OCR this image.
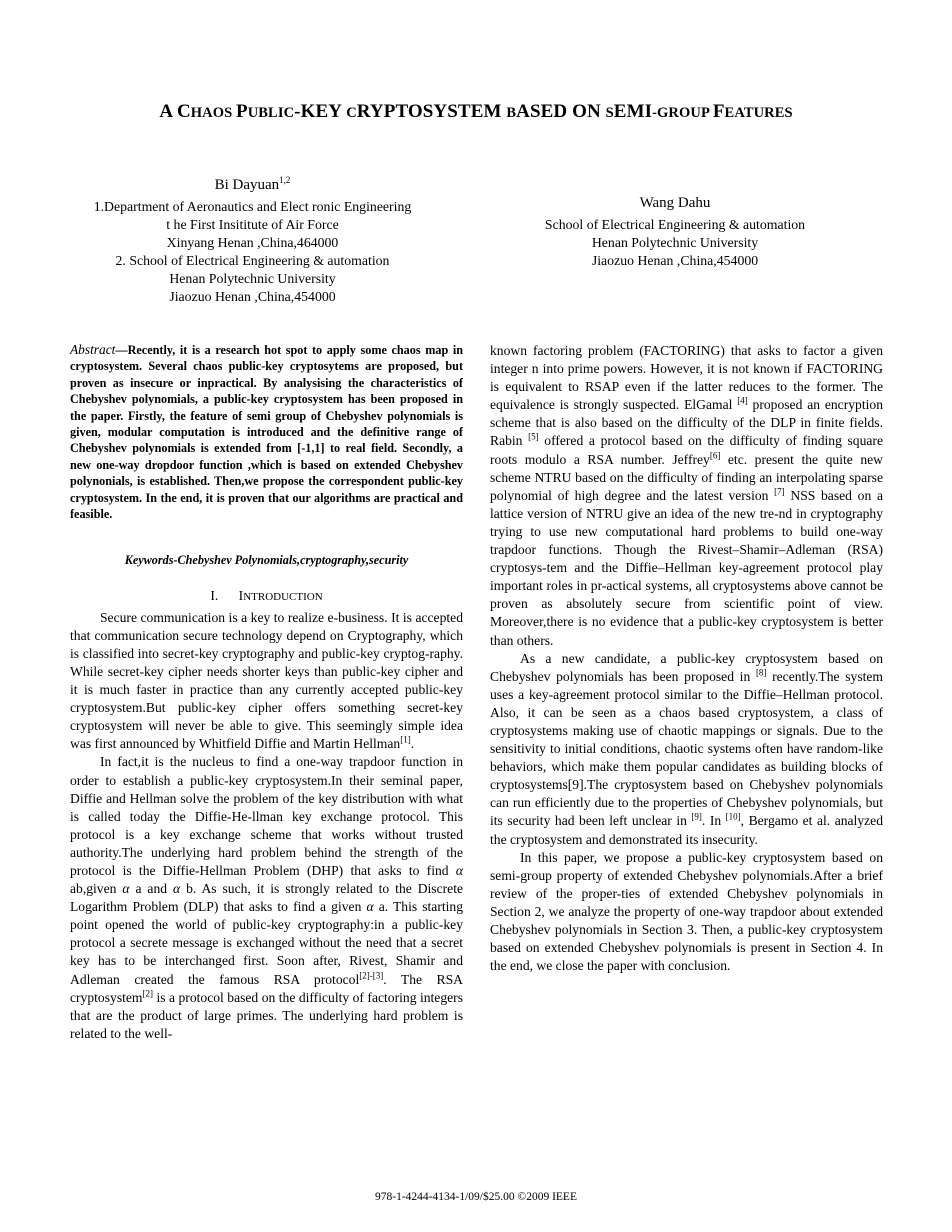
A CHAOS PUBLIC-KEY CRYPTOSYSTEM BASED ON SEMI-GROUP FEATURES
Bi Dayuan$^{1,2}$
1.Department of Aeronautics and Elect ronic Engineering
t he First Insititute of Air Force
Xinyang Henan ,China,464000
2. School of Electrical Engineering & automation
Henan Polytechnic University
Jiaozuo Henan ,China,454000
Wang Dahu
School of Electrical Engineering & automation
Henan Polytechnic University
Jiaozuo Henan ,China,454000
Abstract—Recently, it is a research hot spot to apply some chaos map in cryptosystem. Several chaos public-key cryptosytems are proposed, but proven as insecure or inpractical. By analysising the characteristics of Chebyshev polynomials, a public-key cryptosystem has been proposed in the paper. Firstly, the feature of semi group of Chebyshev polynomials is given, modular computation is introduced and the definitive range of Chebyshev polynomials is extended from [-1,1] to real field. Secondly, a new one-way dropdoor function ,which is based on extended Chebyshev polynonials, is established. Then,we propose the correspondent public-key cryptosystem. In the end, it is proven that our algorithms are practical and feasible.
Keywords-Chebyshev Polynomials,cryptography,security
I. INTRODUCTION

Secure communication is a key to realize e-business. It is accepted that communication secure technology depend on Cryptography, which is classified into secret-key cryptography and public-key cryptog-raphy. While secret-key cipher needs shorter keys than public-key cipher and it is much faster in practice than any currently accepted public-key cryptosystem.But public-key cipher offers something secret-key cryptosystem will never be able to give. This seemingly simple idea was first announced by Whitfield Diffie and Martin Hellman[1].

In fact,it is the nucleus to find a one-way trapdoor function in order to establish a public-key cryptosystem.In their seminal paper, Diffie and Hellman solve the problem of the key distribution with what is called today the Diffie-He-llman key exchange protocol. This protocol is a key exchange scheme that works without trusted authority.The underlying hard problem behind the strength of the protocol is the Diffie-Hellman Problem (DHP) that asks to find α ab,given α a and α b. As such, it is strongly related to the Discrete Logarithm Problem (DLP) that asks to find a given α a. This starting point opened the world of public-key cryptography:in a public-key protocol a secrete message is exchanged without the need that a secret key has to be interchanged first. Soon after, Rivest, Shamir and Adleman created the famous RSA protocol[2]-[3]. The RSA cryptosystem[2] is a protocol based on the difficulty of factoring integers that are the product of large primes. The underlying hard problem is related to the well-

known factoring problem (FACTORING) that asks to factor a given integer n into prime powers. However, it is not known if FACTORING is equivalent to RSAP even if the latter reduces to the former. The equivalence is strongly suspected. ElGamal [4] proposed an encryption scheme that is also based on the difficulty of the DLP in finite fields. Rabin [5] offered a protocol based on the difficulty of finding square roots modulo a RSA number. Jeffrey[6] etc. present the quite new scheme NTRU based on the difficulty of finding an interpolating sparse polynomial of high degree and the latest version [7] NSS based on a lattice version of NTRU give an idea of the new tre-nd in cryptography trying to use new computational hard problems to build one-way trapdoor functions. Though the Rivest–Shamir–Adleman (RSA) cryptosys-tem and the Diffie–Hellman key-agreement protocol play important roles in pr-actical systems, all cryptosystems above cannot be proven as absolutely secure from scientific point of view. Moreover,there is no evidence that a public-key cryptosystem is better than others.

As a new candidate, a public-key cryptosystem based on Chebyshev polynomials has been proposed in [8] recently.The system uses a key-agreement protocol similar to the Diffie–Hellman protocol. Also, it can be seen as a chaos based cryptosystem, a class of cryptosystems making use of chaotic mappings or signals. Due to the sensitivity to initial conditions, chaotic systems often have random-like behaviors, which make them popular candidates as building blocks of cryptosystems[9].The cryptosystem based on Chebyshev polynomials can run efficiently due to the properties of Chebyshev polynomials, but its security had been left unclear in [9]. In [10], Bergamo et al. analyzed the cryptosystem and demonstrated its insecurity.

In this paper, we propose a public-key cryptosystem based on semi-group property of extended Chebyshev polynomials.After a brief review of the proper-ties of extended Chebyshev polynomials in Section 2, we analyze the property of one-way trapdoor about extended Chebyshev polynomials in Section 3. Then, a public-key cryptosystem based on extended Chebyshev polynomials is present in Section 4. In the end, we close the paper with conclusion.

978-1-4244-4134-1/09/$25.00 ©2009 IEEE
